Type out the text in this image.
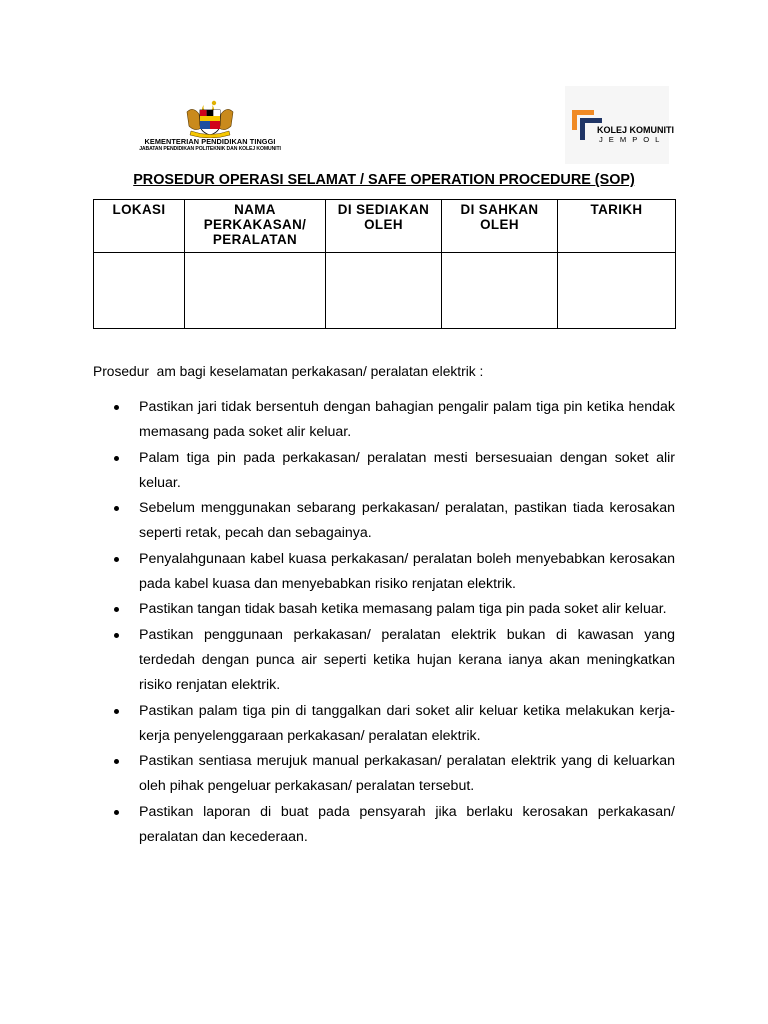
KEMENTERIAN PENDIDIKAN TINGGI
JABATAN PENDIDIKAN POLITEKNIK DAN KOLEJ KOMUNITI
KOLEJ KOMUNITI
JEMPOL
PROSEDUR OPERASI SELAMAT / SAFE OPERATION PROCEDURE (SOP)
LOKASI	NAMA PERKAKASAN/ PERALATAN	DI SEDIAKAN OLEH	DI SAHKAN OLEH	TARIKH

Prosedur  am bagi keselamatan perkakasan/ peralatan elektrik :
Pastikan jari tidak bersentuh dengan bahagian pengalir palam tiga pin ketika hendak memasang pada soket alir keluar.
Palam tiga pin pada perkakasan/ peralatan mesti bersesuaian dengan soket alir keluar.
Sebelum menggunakan sebarang perkakasan/ peralatan, pastikan tiada kerosakan seperti retak, pecah dan sebagainya.
Penyalahgunaan kabel kuasa perkakasan/ peralatan boleh menyebabkan kerosakan pada kabel kuasa dan menyebabkan risiko renjatan elektrik.
Pastikan tangan tidak basah ketika memasang palam tiga pin pada soket alir keluar.
Pastikan penggunaan perkakasan/ peralatan elektrik bukan di kawasan yang terdedah dengan punca air seperti ketika hujan kerana ianya akan meningkatkan risiko renjatan elektrik.
Pastikan palam tiga pin di tanggalkan dari soket alir keluar ketika melakukan kerja-kerja penyelenggaraan perkakasan/ peralatan elektrik.
Pastikan sentiasa merujuk manual perkakasan/ peralatan elektrik yang di keluarkan oleh pihak pengeluar perkakasan/ peralatan tersebut.
Pastikan laporan di buat pada pensyarah jika berlaku kerosakan perkakasan/ peralatan dan kecederaan.
